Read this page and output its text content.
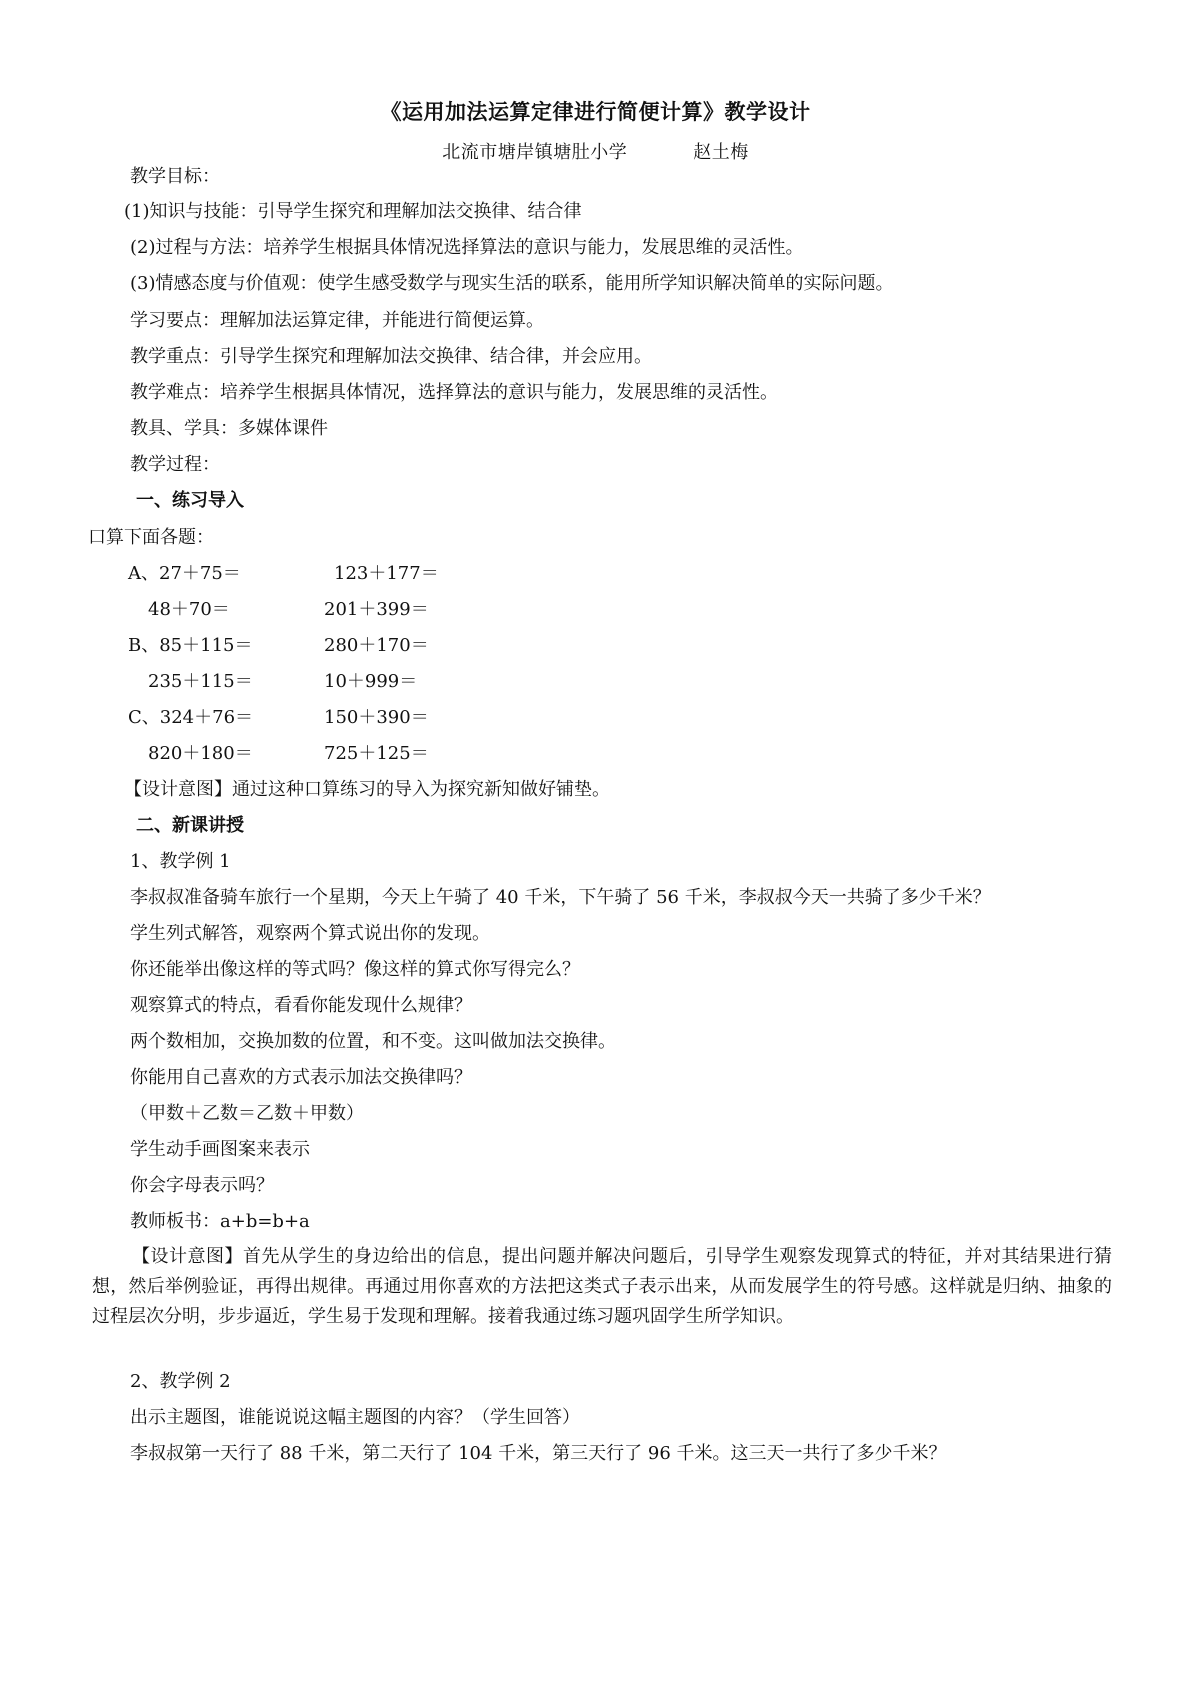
《运用加法运算定律进行简便计算》教学设计
北流市塘岸镇塘肚小学	赵土梅
教学目标：
(1)知识与技能：引导学生探究和理解加法交换律、结合律
(2)过程与方法：培养学生根据具体情况选择算法的意识与能力，发展思维的灵活性。
(3)情感态度与价值观：使学生感受数学与现实生活的联系，能用所学知识解决简单的实际问题。
学习要点：理解加法运算定律，并能进行简便运算。
教学重点：引导学生探究和理解加法交换律、结合律，并会应用。
教学难点：培养学生根据具体情况，选择算法的意识与能力，发展思维的灵活性。
教具、学具：多媒体课件
教学过程：
一、练习导入
口算下面各题：
A、27＋75＝	123＋177＝
48＋70＝	201＋399＝
B、85＋115＝	280＋170＝
235＋115＝	10＋999＝
C、324＋76＝	150＋390＝
820＋180＝	725＋125＝
【设计意图】通过这种口算练习的导入为探究新知做好铺垫。
二、新课讲授
1、教学例 1
李叔叔准备骑车旅行一个星期，今天上午骑了 40 千米，下午骑了 56 千米，李叔叔今天一共骑了多少千米？
学生列式解答，观察两个算式说出你的发现。
你还能举出像这样的等式吗？像这样的算式你写得完么？
观察算式的特点，看看你能发现什么规律？
两个数相加，交换加数的位置，和不变。这叫做加法交换律。
你能用自己喜欢的方式表示加法交换律吗？
（甲数＋乙数＝乙数＋甲数）
学生动手画图案来表示
你会字母表示吗？
教师板书：a+b=b+a
【设计意图】首先从学生的身边给出的信息，提出问题并解决问题后，引导学生观察发现算式的特征，并对其结果进行猜想，然后举例验证，再得出规律。再通过用你喜欢的方法把这类式子表示出来，从而发展学生的符号感。这样就是归纳、抽象的过程层次分明，步步逼近，学生易于发现和理解。接着我通过练习题巩固学生所学知识。
2、教学例 2
出示主题图，谁能说说这幅主题图的内容？（学生回答）
李叔叔第一天行了 88 千米，第二天行了 104 千米，第三天行了 96 千米。这三天一共行了多少千米？
